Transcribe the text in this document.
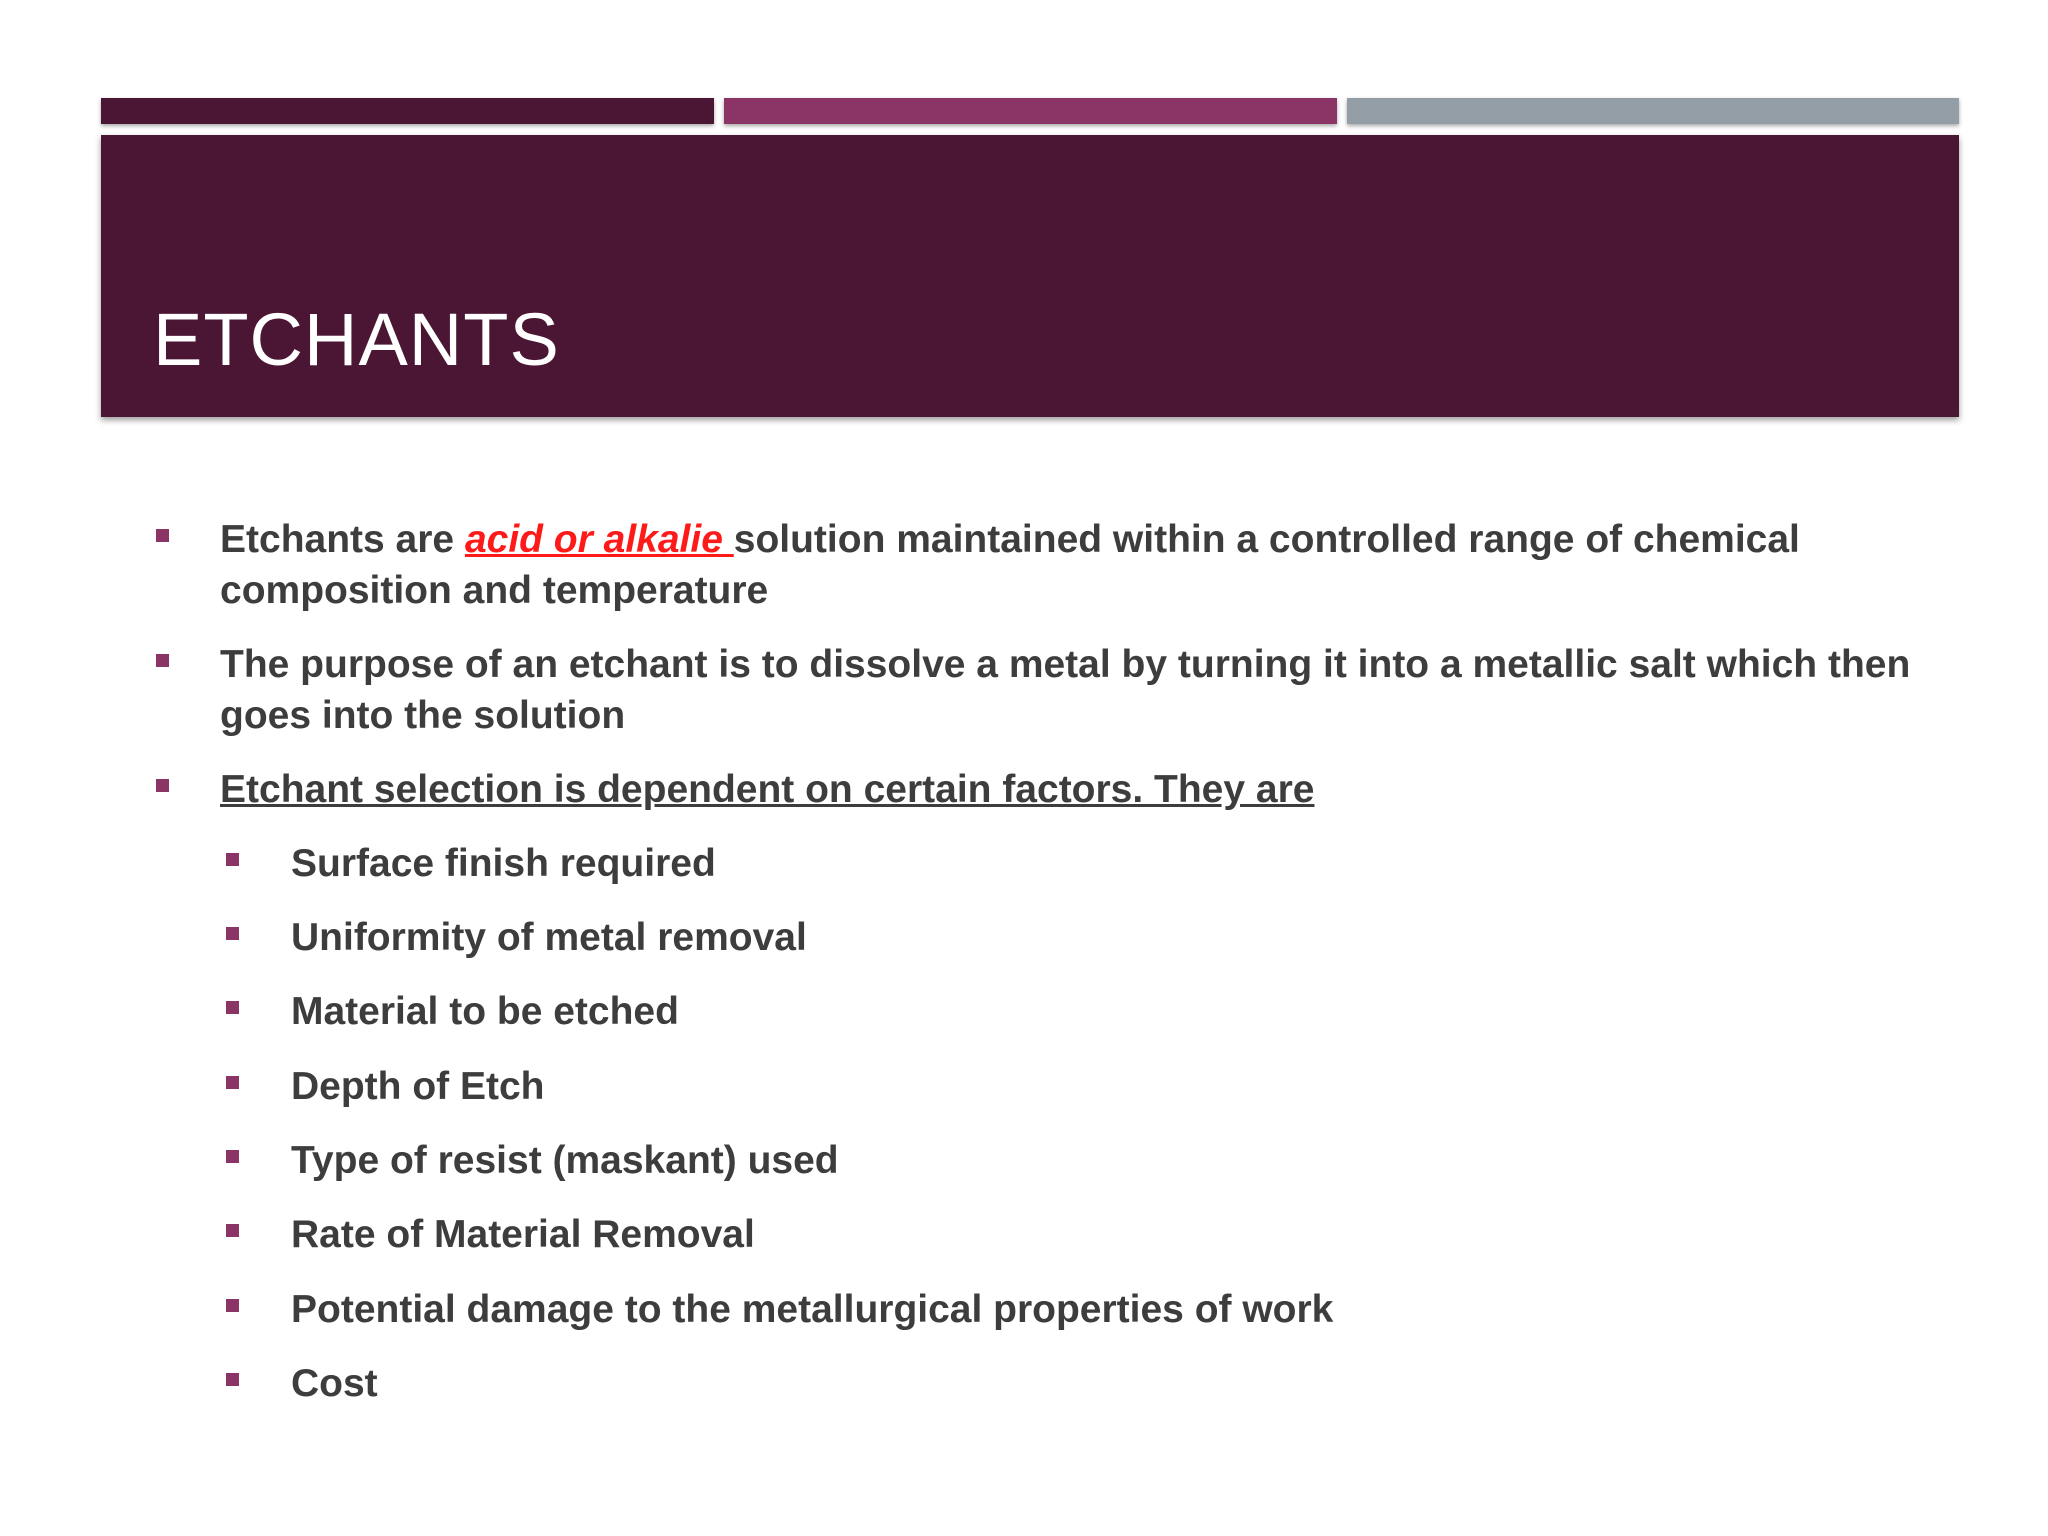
ETCHANTS

Etchants are acid or alkalie solution maintained within a controlled range of chemical composition and temperature

The purpose of an etchant is to dissolve a metal by turning it into a metallic salt which then goes into the solution

Etchant selection is dependent on certain factors. They are

Surface finish required

Uniformity of metal removal

Material to be etched

Depth of Etch

Type of resist (maskant) used

Rate of Material Removal

Potential damage to the metallurgical properties of work

Cost
